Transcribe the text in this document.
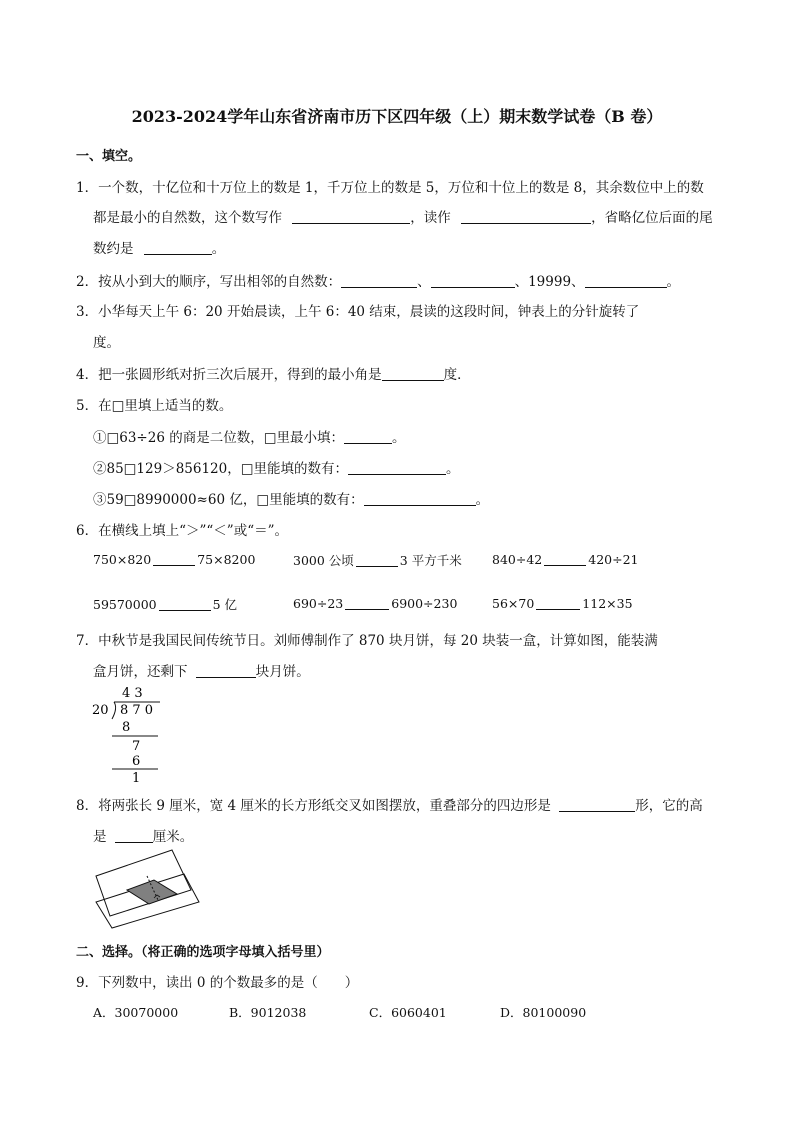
2023-2024学年山东省济南市历下区四年级（上）期末数学试卷（B 卷）
一、填空。
1．一个数，十亿位和十万位上的数是 1，千万位上的数是 5，万位和十位上的数是 8，其余数位中上的数
都是最小的自然数，这个数写作	，读作	，省略亿位后面的尾
数约是	。
2．按从小到大的顺序，写出相邻的自然数：	、	、19999、	。
3．小华每天上午 6：20 开始晨读，上午 6：40 结束，晨读的这段时间，钟表上的分针旋转了
度。
4．把一张圆形纸对折三次后展开，得到的最小角是	度．
5．在□里填上适当的数。
①□63÷26 的商是二位数，□里最小填：	。
②85□129＞856120，□里能填的数有：	。
③59□8990000≈60 亿，□里能填的数有：	。
6．在横线上填上“＞”“＜”或“＝”。
750×820	75×8200	3000 公顷	3 平方千米 840÷42	420÷21
59570000	5 亿	690÷23	6900÷230	56×70	112×35
7．中秋节是我国民间传统节日。刘师傅制作了 870 块月饼，每 20 块装一盒，计算如图，能装满
盒月饼，还剩下	块月饼。
4 3
20 8 7 0
8
7
6
1
8．将两张长 9 厘米，宽 4 厘米的长方形纸交叉如图摆放，重叠部分的四边形是	形，它的高
是	厘米。
二、选择。（将正确的选项字母填入括号里）
9．下列数中，读出 0 的个数最多的是（　　）
A．30070000	B．9012038	C．6060401	D．80100090
